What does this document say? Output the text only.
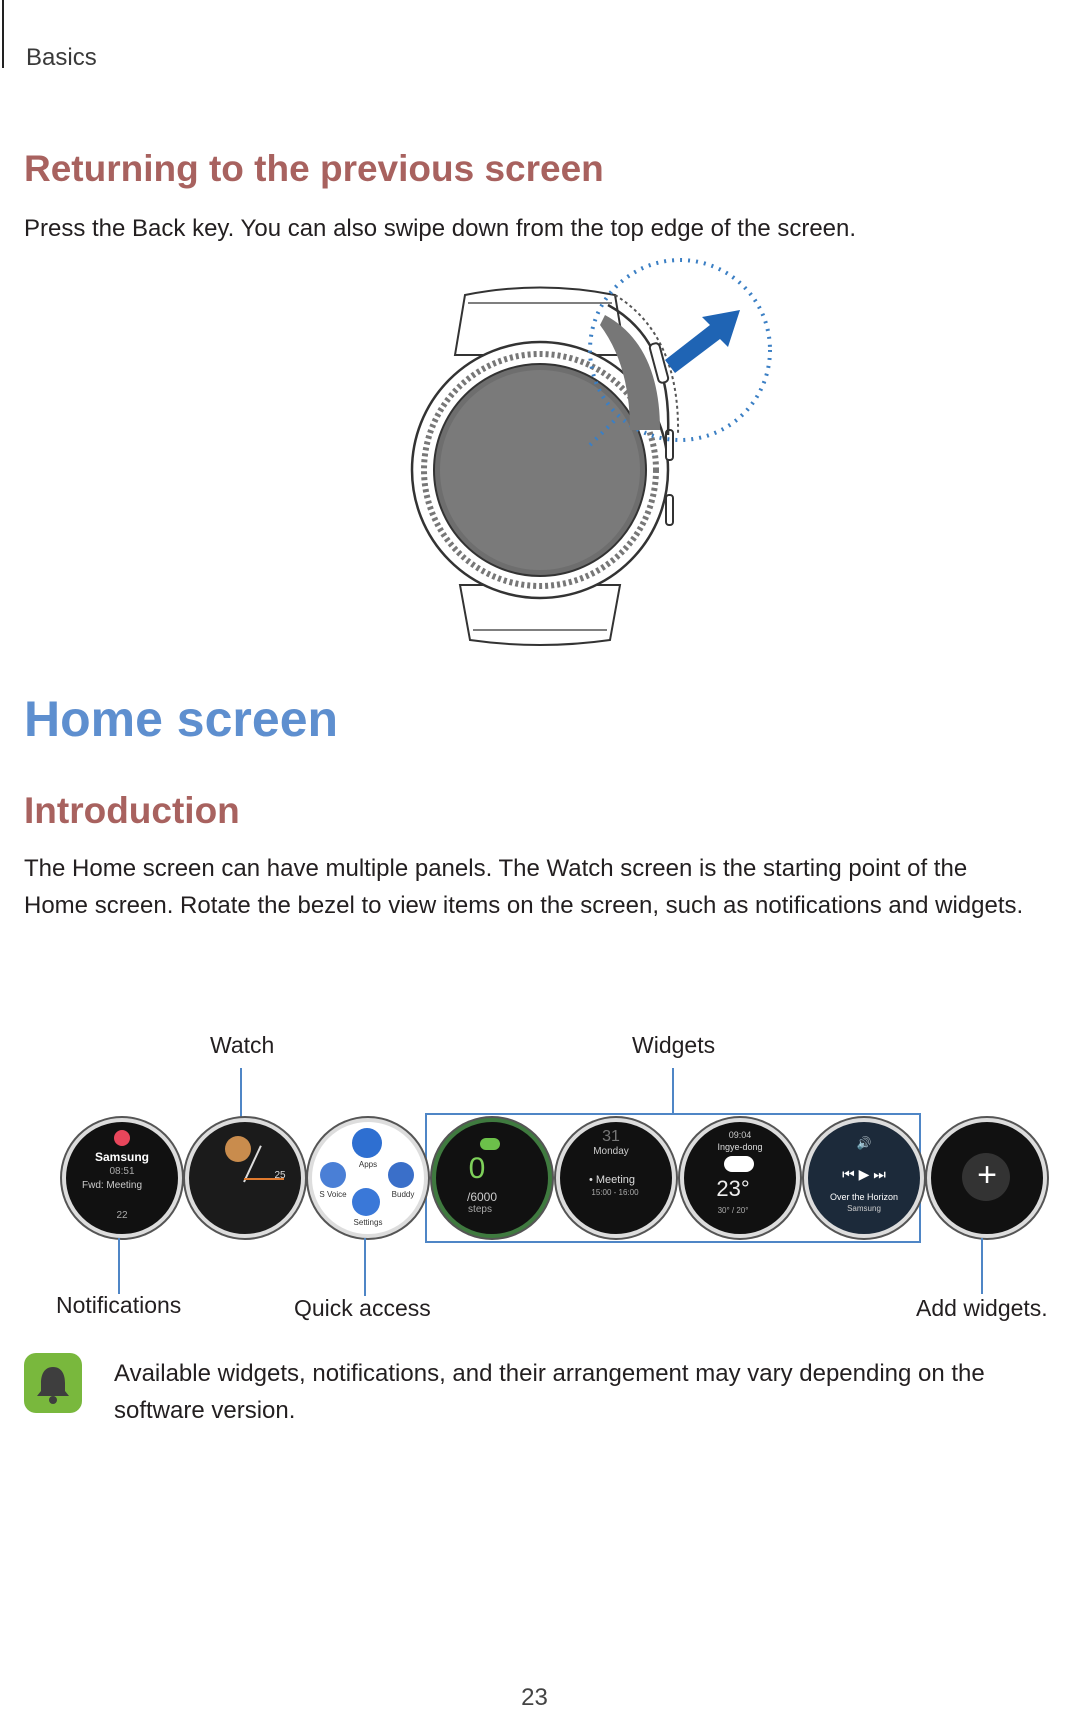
Basics
Returning to the previous screen
Press the Back key. You can also swipe down from the top edge of the screen.
Home screen
Introduction
The Home screen can have multiple panels. The Watch screen is the starting point of the
Home screen. Rotate the bezel to view items on the screen, such as notifications and widgets.
Watch	Widgets
Samsung
08:51
Fwd: Meeting
22
25
Apps
S Voice	Buddy
Settings
0
/6000
steps
31
Monday
• Meeting
15:00 - 16:00
09:04
Ingye-dong
23°
30° / 20°
🔊
⏮ ▶ ⏭
Over the Horizon
Samsung
+
Notifications	Quick access	Add widgets.
Available widgets, notifications, and their arrangement may vary depending on the
software version.
23
